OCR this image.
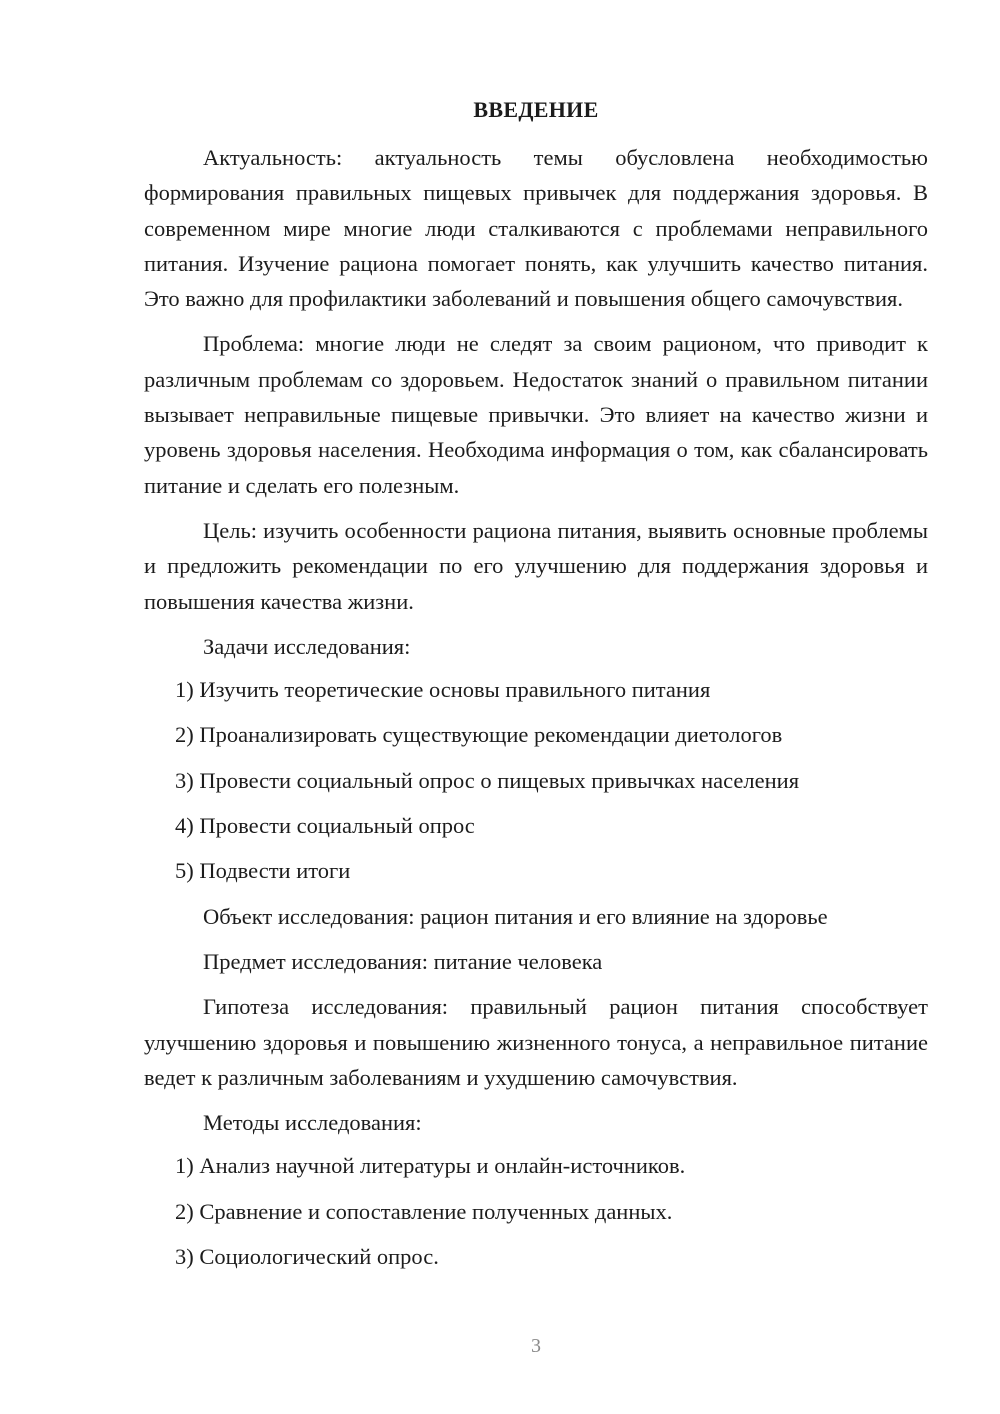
ВВЕДЕНИЕ

Актуальность: актуальность темы обусловлена необходимостью формирования правильных пищевых привычек для поддержания здоровья. В современном мире многие люди сталкиваются с проблемами неправильного питания. Изучение рациона помогает понять, как улучшить качество питания. Это важно для профилактики заболеваний и повышения общего самочувствия.

Проблема: многие люди не следят за своим рационом, что приводит к различным проблемам со здоровьем. Недостаток знаний о правильном питании вызывает неправильные пищевые привычки. Это влияет на качество жизни и уровень здоровья населения. Необходима информация о том, как сбалансировать питание и сделать его полезным.

Цель: изучить особенности рациона питания, выявить основные проблемы и предложить рекомендации по его улучшению для поддержания здоровья и повышения качества жизни.

Задачи исследования:

1) Изучить теоретические основы правильного питания
2) Проанализировать существующие рекомендации диетологов
3) Провести социальный опрос о пищевых привычках населения
4) Провести социальный опрос
5) Подвести итоги

Объект исследования: рацион питания и его влияние на здоровье

Предмет исследования: питание человека

Гипотеза исследования: правильный рацион питания способствует улучшению здоровья и повышению жизненного тонуса, а неправильное питание ведет к различным заболеваниям и ухудшению самочувствия.

Методы исследования:

1) Анализ научной литературы и онлайн-источников.
2) Сравнение и сопоставление полученных данных.
3) Социологический опрос.
3
